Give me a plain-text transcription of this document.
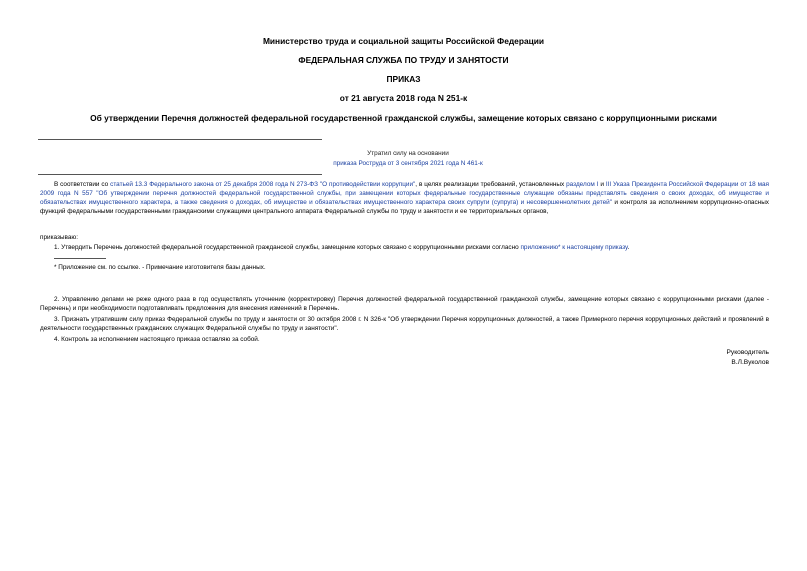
Министерство труда и социальной защиты Российской Федерации
ФЕДЕРАЛЬНАЯ СЛУЖБА ПО ТРУДУ И ЗАНЯТОСТИ
ПРИКАЗ
от 21 августа 2018 года N 251-к
Об утверждении Перечня должностей федеральной государственной гражданской службы, замещение которых связано с коррупционными рисками
Утратил силу на основании
приказа Роструда от 3 сентября 2021 года N 461-к

В соответствии со статьей 13.3 Федерального закона от 25 декабря 2008 года N 273-ФЗ "О противодействии коррупции", в целях реализации требований, установленных разделом I и III Указа Президента Российской Федерации от 18 мая 2009 года N 557 "Об утверждении перечня должностей федеральной государственной службы, при замещении которых федеральные государственные служащие обязаны представлять сведения о своих доходах, об имуществе и обязательствах имущественного характера, а также сведения о доходах, об имуществе и обязательствах имущественного характера своих супруги (супруга) и несовершеннолетних детей" и контроля за исполнением коррупционно-опасных функций федеральными государственными гражданскими служащими центрального аппарата Федеральной службы по труду и занятости и ее территориальных органов,

приказываю:

1. Утвердить Перечень должностей федеральной государственной гражданской службы, замещение которых связано с коррупционными рисками согласно приложению* к настоящему приказу.

* Приложение см. по ссылке. - Примечание изготовителя базы данных.

2. Управлению делами не реже одного раза в год осуществлять уточнение (корректировку) Перечня должностей федеральной государственной гражданской службы, замещение которых связано с коррупционными рисками (далее - Перечень) и при необходимости подготавливать предложения для внесения изменений в Перечень.

3. Признать утратившим силу приказ Федеральной службы по труду и занятости от 30 октября 2008 г. N 326-к "Об утверждении Перечня коррупционных должностей, а также Примерного перечня коррупционных действий и проявлений в деятельности государственных гражданских служащих Федеральной службы по труду и занятости".

4. Контроль за исполнением настоящего приказа оставляю за собой.

Руководитель
В.Л.Вуколов
